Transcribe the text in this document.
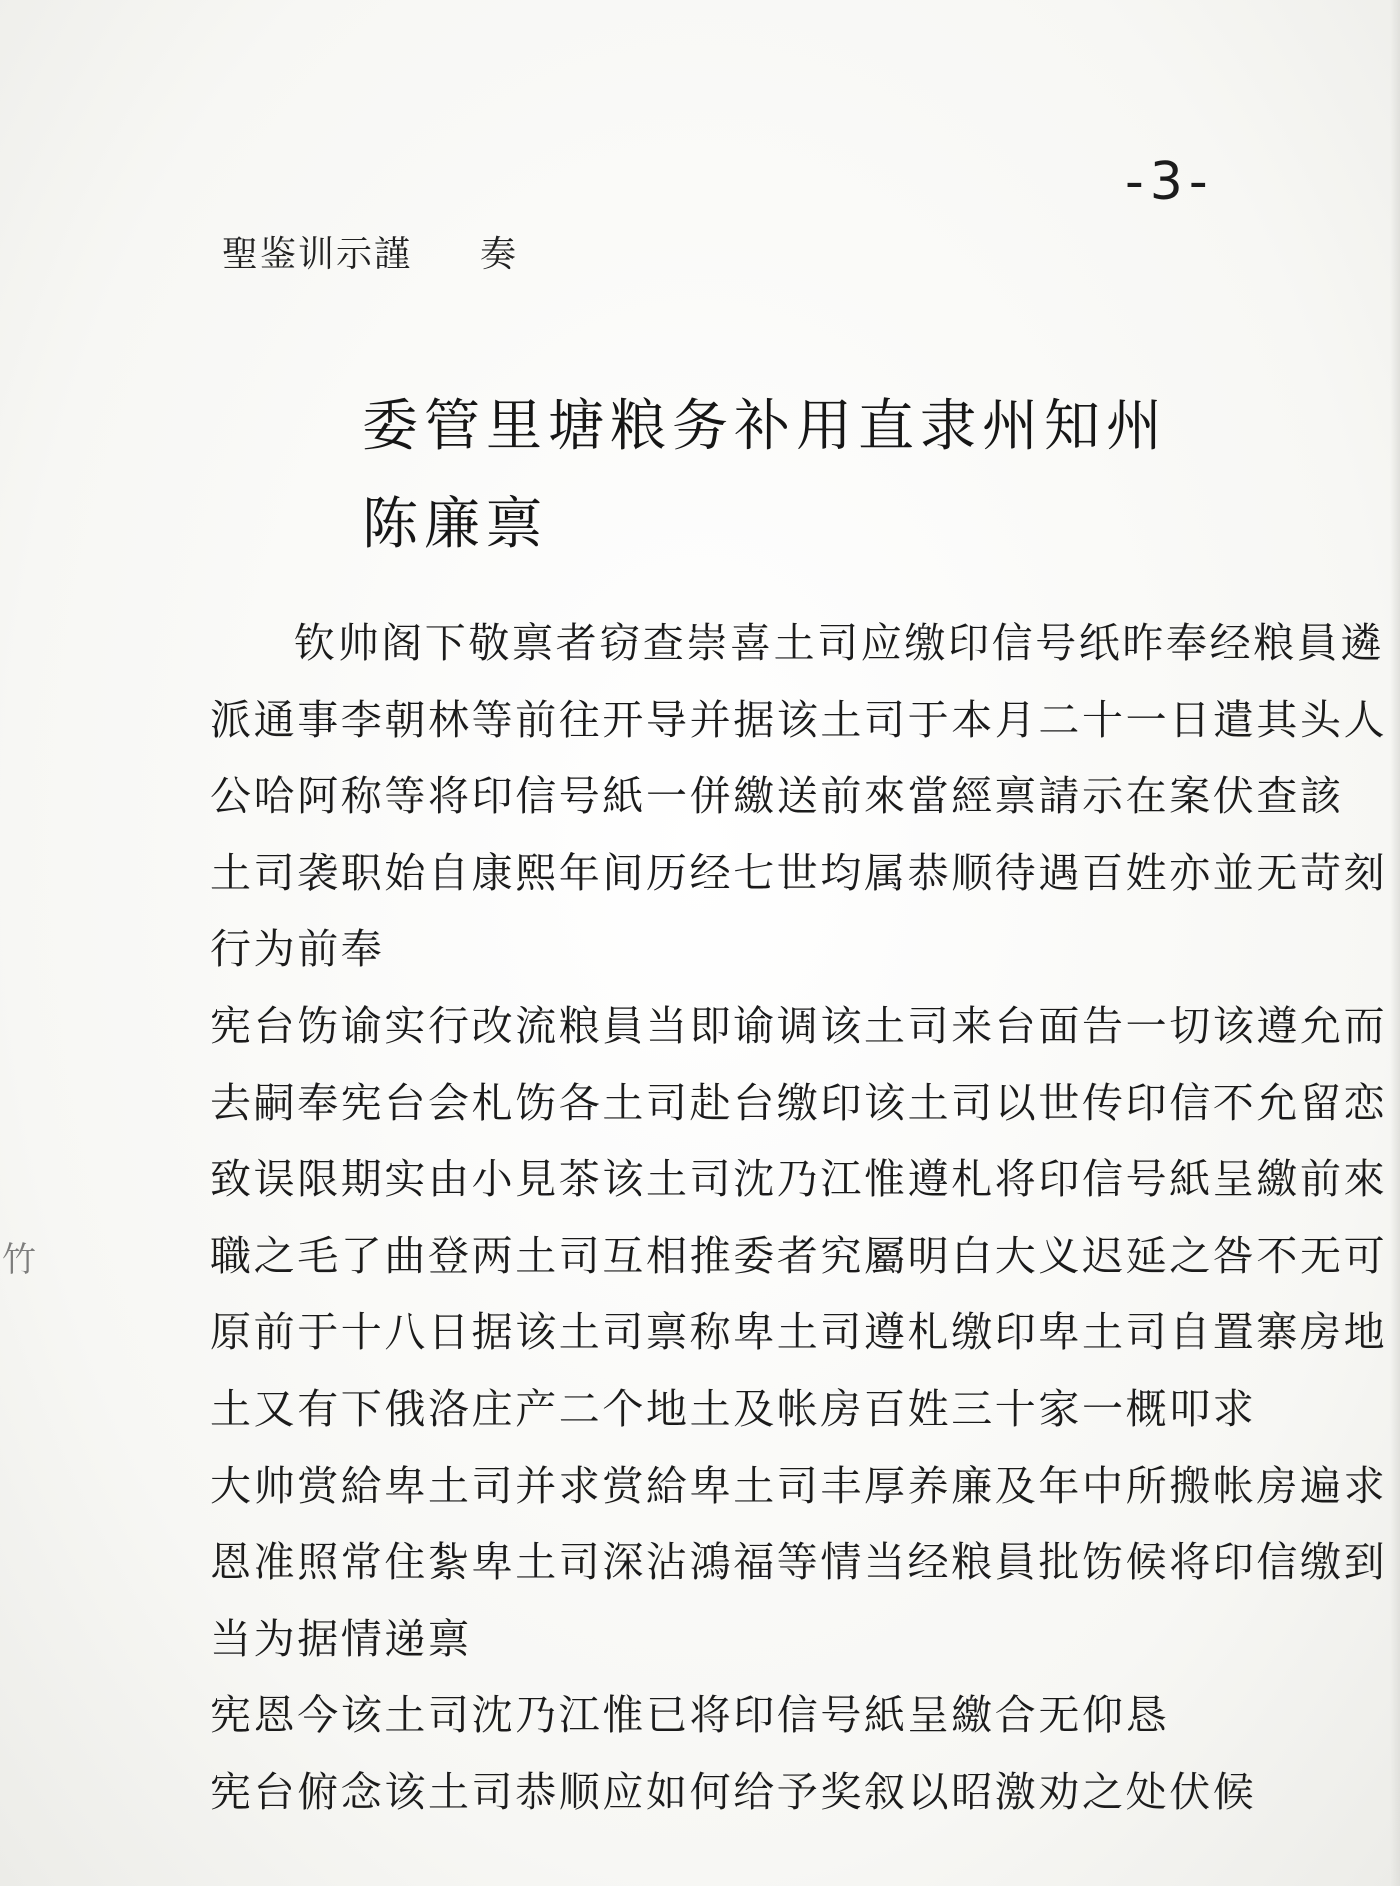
-3-
聖鉴训示謹 奏
委管里塘粮务补用直隶州知州
陈廉禀
竹
钦帅阁下敬禀者窃查崇喜土司应缴印信号纸昨奉经粮員遴
派通事李朝林等前往开导并据该土司于本月二十一日遣其头人
公哈阿称等将印信号紙一併繳送前來當經禀請示在案伏查該
土司袭职始自康熙年间历经七世均属恭顺待遇百姓亦並无苛刻
行为前奉
宪台饬谕实行改流粮員当即谕调该土司来台面告一切该遵允而
去嗣奉宪台会札饬各土司赴台缴印该土司以世传印信不允留恋
致误限期实由小見茶该土司沈乃江惟遵札将印信号紙呈繳前來
職之毛了曲登两土司互相推委者究屬明白大义迟延之咎不无可
原前于十八日据该土司禀称卑土司遵札缴印卑土司自置寨房地
土又有下俄洛庄产二个地土及帐房百姓三十家一概叩求
大帅赏給卑土司并求赏給卑土司丰厚养廉及年中所搬帐房遍求
恩准照常住紮卑土司深沾鴻福等情当经粮員批饬候将印信缴到
当为据情递禀
宪恩今该土司沈乃江惟已将印信号紙呈繳合无仰恳
宪台俯念该土司恭顺应如何给予奖叙以昭激劝之处伏候
